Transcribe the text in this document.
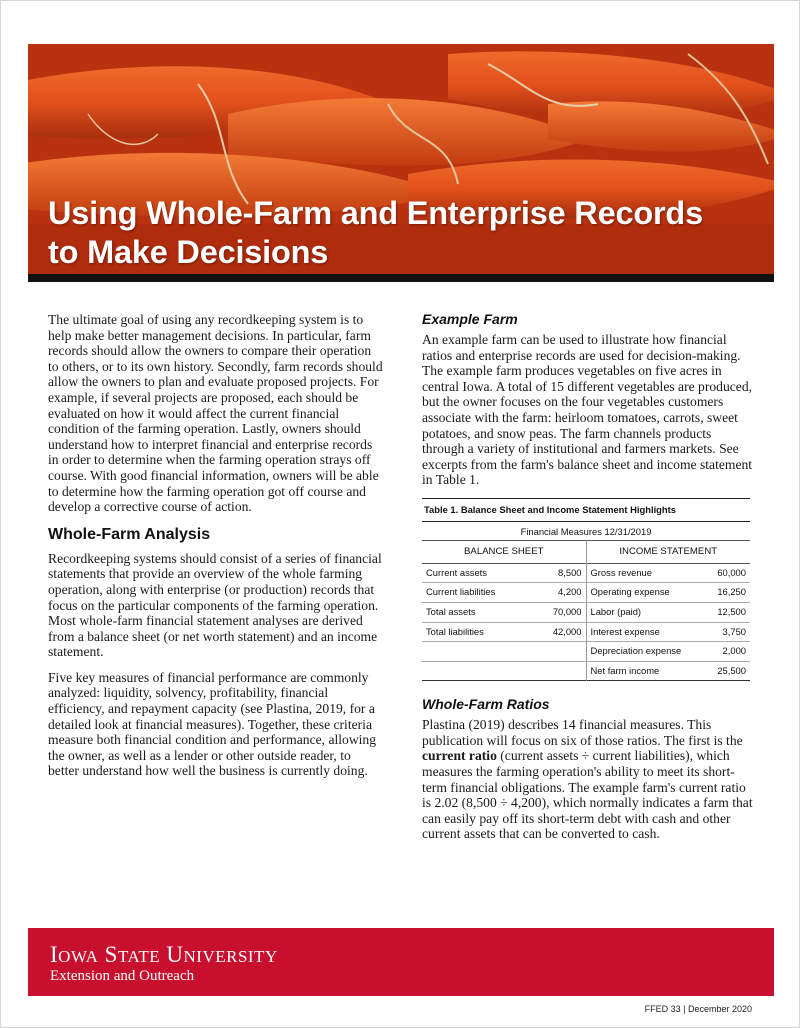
Using Whole-Farm and Enterprise Records
to Make Decisions

The ultimate goal of using any recordkeeping system is to help make better management decisions. In particular, farm records should allow the owners to compare their operation to others, or to its own history. Secondly, farm records should allow the owners to plan and evaluate proposed projects. For example, if several projects are proposed, each should be evaluated on how it would affect the current financial condition of the farming operation. Lastly, owners should understand how to interpret financial and enterprise records in order to determine when the farming operation strays off course. With good financial information, owners will be able to determine how the farming operation got off course and develop a corrective course of action.

Whole-Farm Analysis

Recordkeeping systems should consist of a series of financial statements that provide an overview of the whole farming operation, along with enterprise (or production) records that focus on the particular components of the farming operation. Most whole-farm financial statement analyses are derived from a balance sheet (or net worth statement) and an income statement.

Five key measures of financial performance are commonly analyzed: liquidity, solvency, profitability, financial efficiency, and repayment capacity (see Plastina, 2019, for a detailed look at financial measures). Together, these criteria measure both financial condition and performance, allowing the owner, as well as a lender or other outside reader, to better understand how well the business is currently doing.

Example Farm

An example farm can be used to illustrate how financial ratios and enterprise records are used for decision-making. The example farm produces vegetables on five acres in central Iowa. A total of 15 different vegetables are produced, but the owner focuses on the four vegetables customers associate with the farm: heirloom tomatoes, carrots, sweet potatoes, and snow peas. The farm channels products through a variety of institutional and farmers markets. See excerpts from the farm's balance sheet and income statement in Table 1.

Table 1. Balance Sheet and Income Statement Highlights
Financial Measures 12/31/2019
BALANCE SHEET
Current assets	8,500
Current liabilities	4,200
Total assets	70,000
Total liabilities	42,000
INCOME STATEMENT
Gross revenue	60,000
Operating expense	16,250
Labor (paid)	12,500
Interest expense	3,750
Depreciation expense	2,000
Net farm income	25,500
Whole-Farm Ratios

Plastina (2019) describes 14 financial measures. This publication will focus on six of those ratios. The first is the current ratio (current assets ÷ current liabilities), which measures the farming operation's ability to meet its short-term financial obligations. The example farm's current ratio is 2.02 (8,500 ÷ 4,200), which normally indicates a farm that can easily pay off its short-term debt with cash and other current assets that can be converted to cash.

IOWA STATE UNIVERSITY
Extension and Outreach
FFED 33 | December 2020
